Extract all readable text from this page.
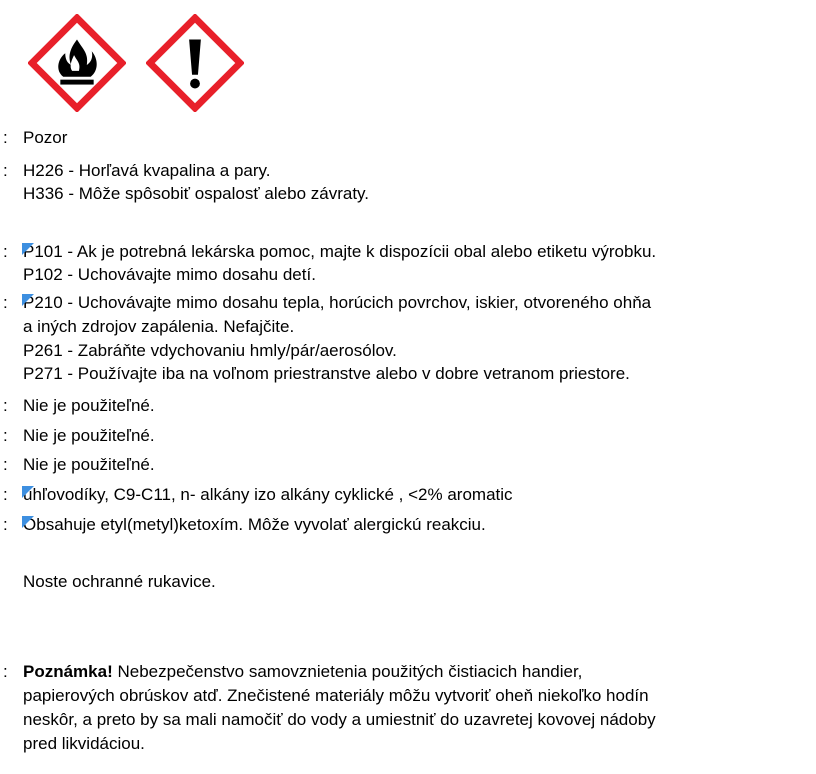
: Pozor
: H226 - Horľavá kvapalina a pary.
H336 - Môže spôsobiť ospalosť alebo závraty.
: P101 - Ak je potrebná lekárska pomoc, majte k dispozícii obal alebo etiketu výrobku.
P102 - Uchovávajte mimo dosahu detí.
: P210 - Uchovávajte mimo dosahu tepla, horúcich povrchov, iskier, otvoreného ohňa
a iných zdrojov zapálenia. Nefajčite.
P261 - Zabráňte vdychovaniu hmly/pár/aerosólov.
P271 - Používajte iba na voľnom priestranstve alebo v dobre vetranom priestore.
: Nie je použiteľné.
: Nie je použiteľné.
: Nie je použiteľné.
: uhľovodíky, C9-C11, n- alkány izo alkány cyklické , <2% aromatic
: Obsahuje etyl(metyl)ketoxím. Môže vyvolať alergickú reakciu.
Noste ochranné rukavice.
: Poznámka! Nebezpečenstvo samovznietenia použitých čistiacich handier,
papierových obrúskov atď. Znečistené materiály môžu vytvoriť oheň niekoľko hodín
neskôr, a preto by sa mali namočiť do vody a umiestniť do uzavretej kovovej nádoby
pred likvidáciou.
